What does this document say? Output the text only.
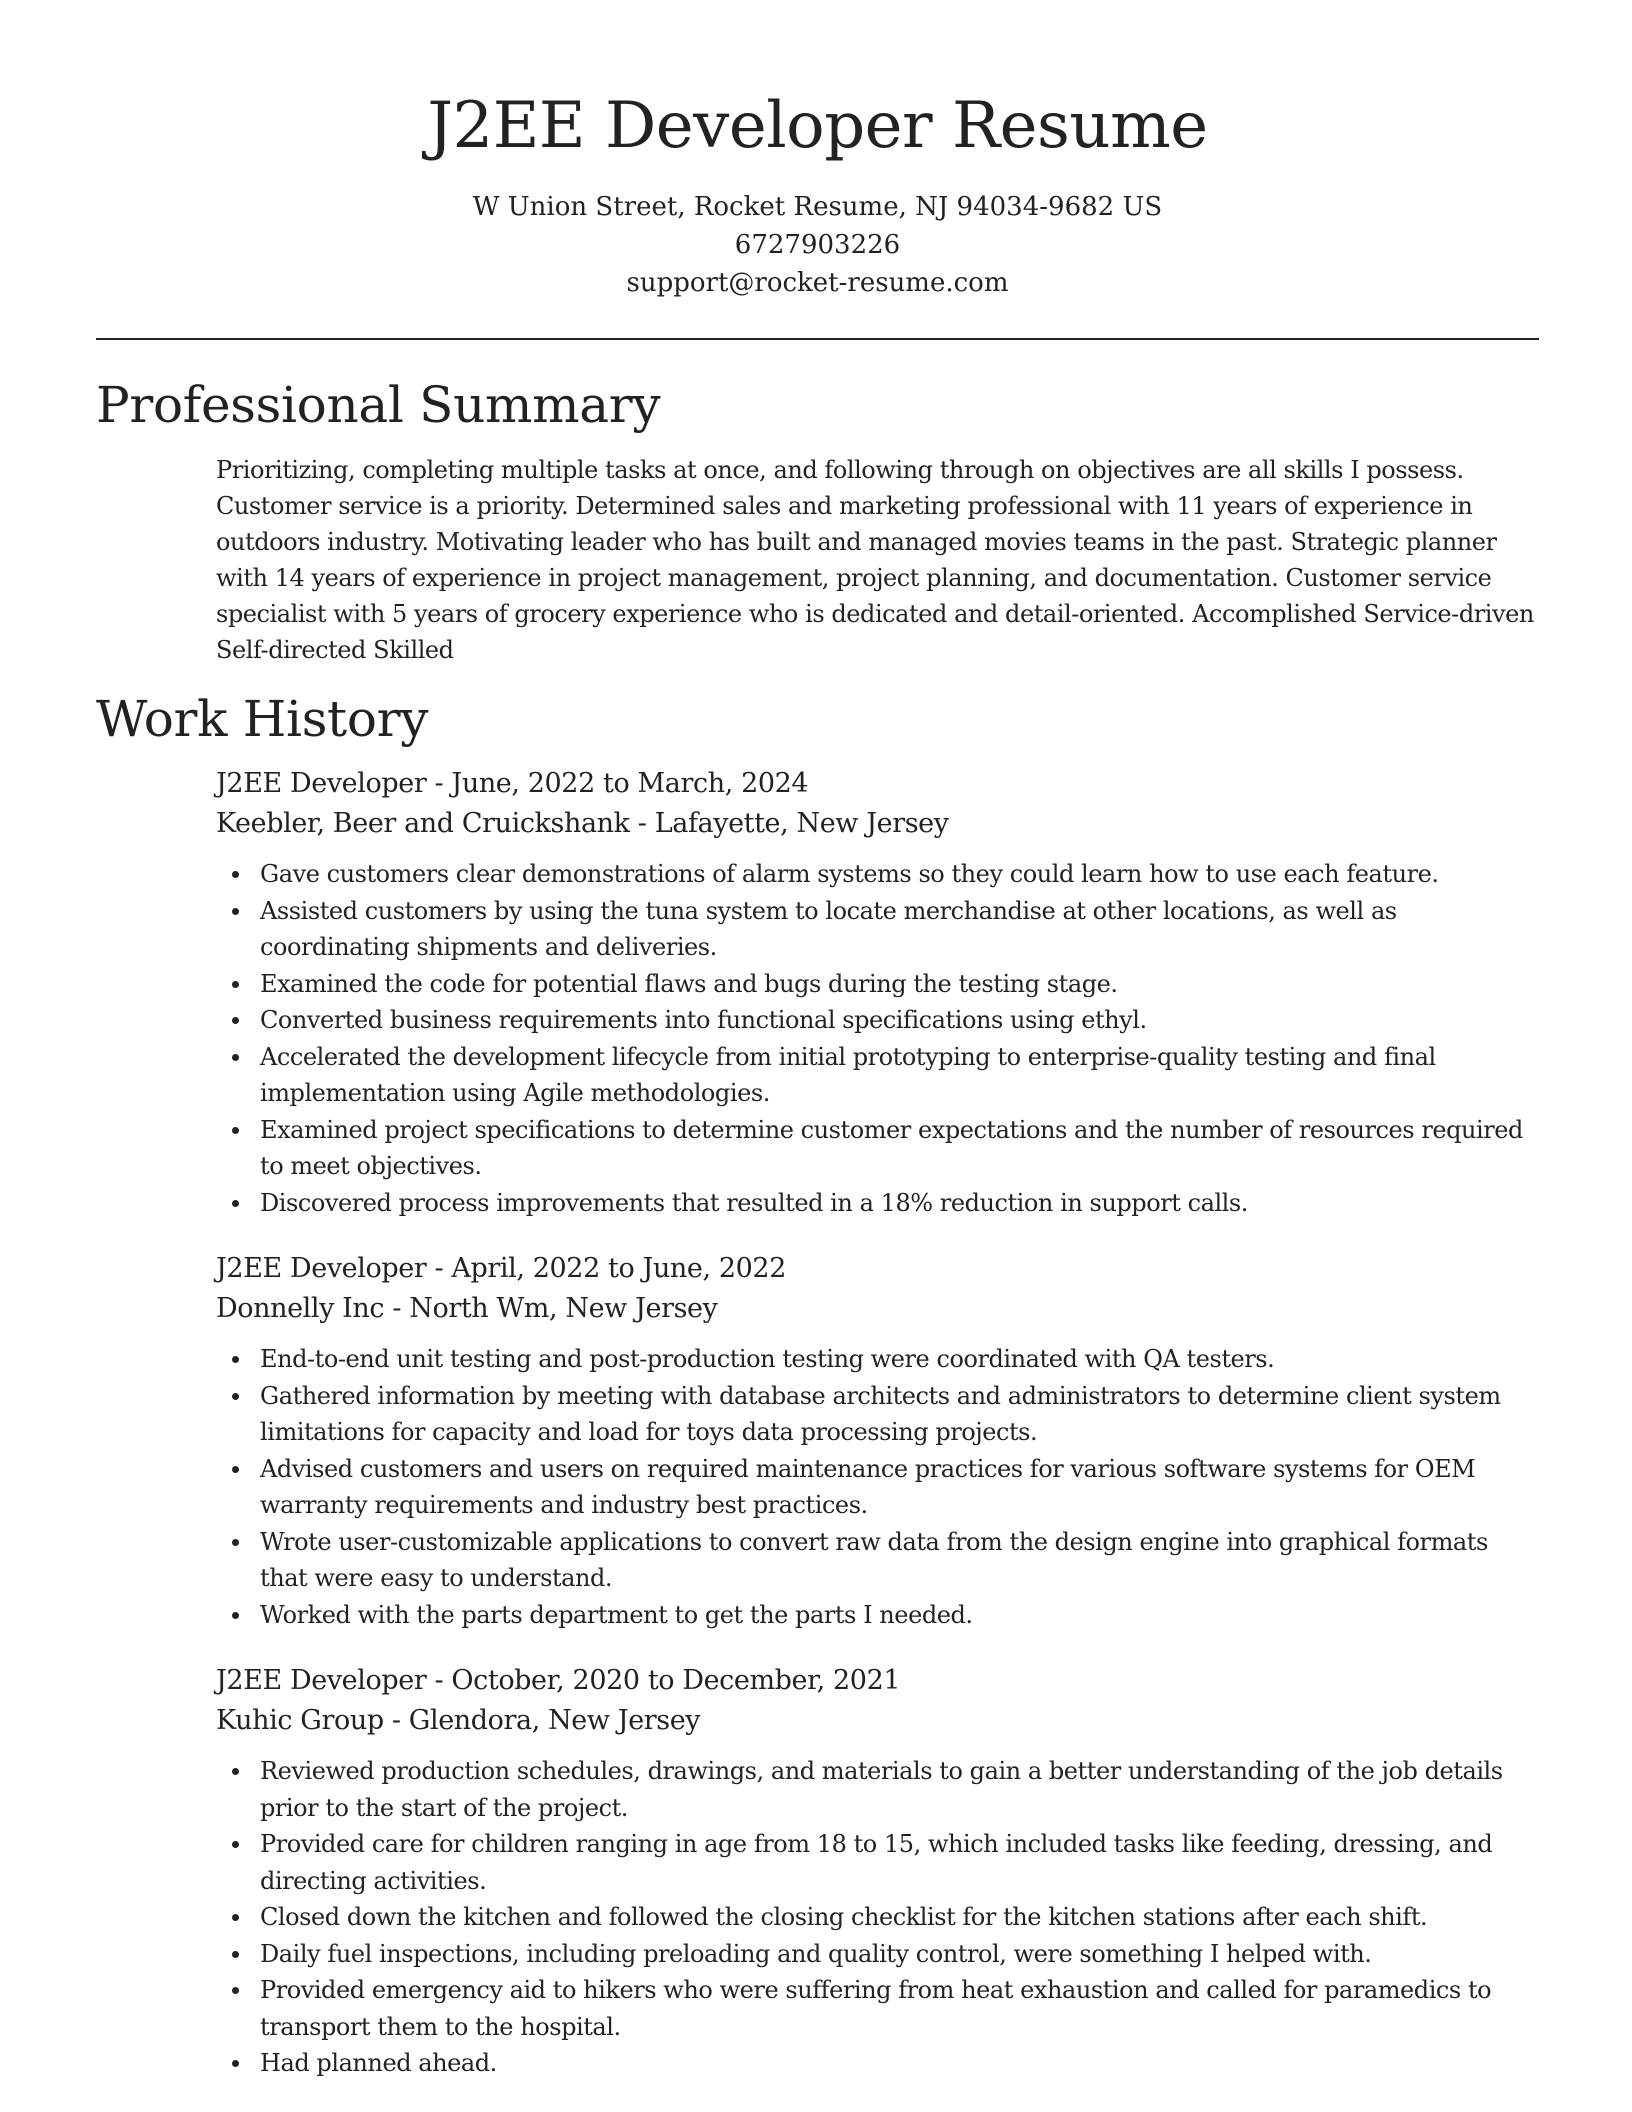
J2EE Developer Resume
W Union Street, Rocket Resume, NJ 94034-9682 US
6727903226
support@rocket-resume.com
Professional Summary

Prioritizing, completing multiple tasks at once, and following through on objectives are all skills I possess. Customer service is a priority. Determined sales and marketing professional with 11 years of experience in outdoors industry. Motivating leader who has built and managed movies teams in the past. Strategic planner with 14 years of experience in project management, project planning, and documentation. Customer service specialist with 5 years of grocery experience who is dedicated and detail-oriented. Accomplished Service-driven Self-directed Skilled

Work History
J2EE Developer - June, 2022 to March, 2024
Keebler, Beer and Cruickshank - Lafayette, New Jersey
Gave customers clear demonstrations of alarm systems so they could learn how to use each feature.
Assisted customers by using the tuna system to locate merchandise at other locations, as well as coordinating shipments and deliveries.
Examined the code for potential flaws and bugs during the testing stage.
Converted business requirements into functional specifications using ethyl.
Accelerated the development lifecycle from initial prototyping to enterprise-quality testing and final implementation using Agile methodologies.
Examined project specifications to determine customer expectations and the number of resources required to meet objectives.
Discovered process improvements that resulted in a 18% reduction in support calls.
J2EE Developer - April, 2022 to June, 2022
Donnelly Inc - North Wm, New Jersey
End-to-end unit testing and post-production testing were coordinated with QA testers.
Gathered information by meeting with database architects and administrators to determine client system limitations for capacity and load for toys data processing projects.
Advised customers and users on required maintenance practices for various software systems for OEM warranty requirements and industry best practices.
Wrote user-customizable applications to convert raw data from the design engine into graphical formats that were easy to understand.
Worked with the parts department to get the parts I needed.
J2EE Developer - October, 2020 to December, 2021
Kuhic Group - Glendora, New Jersey
Reviewed production schedules, drawings, and materials to gain a better understanding of the job details prior to the start of the project.
Provided care for children ranging in age from 18 to 15, which included tasks like feeding, dressing, and directing activities.
Closed down the kitchen and followed the closing checklist for the kitchen stations after each shift.
Daily fuel inspections, including preloading and quality control, were something I helped with.
Provided emergency aid to hikers who were suffering from heat exhaustion and called for paramedics to transport them to the hospital.
Had planned ahead.
